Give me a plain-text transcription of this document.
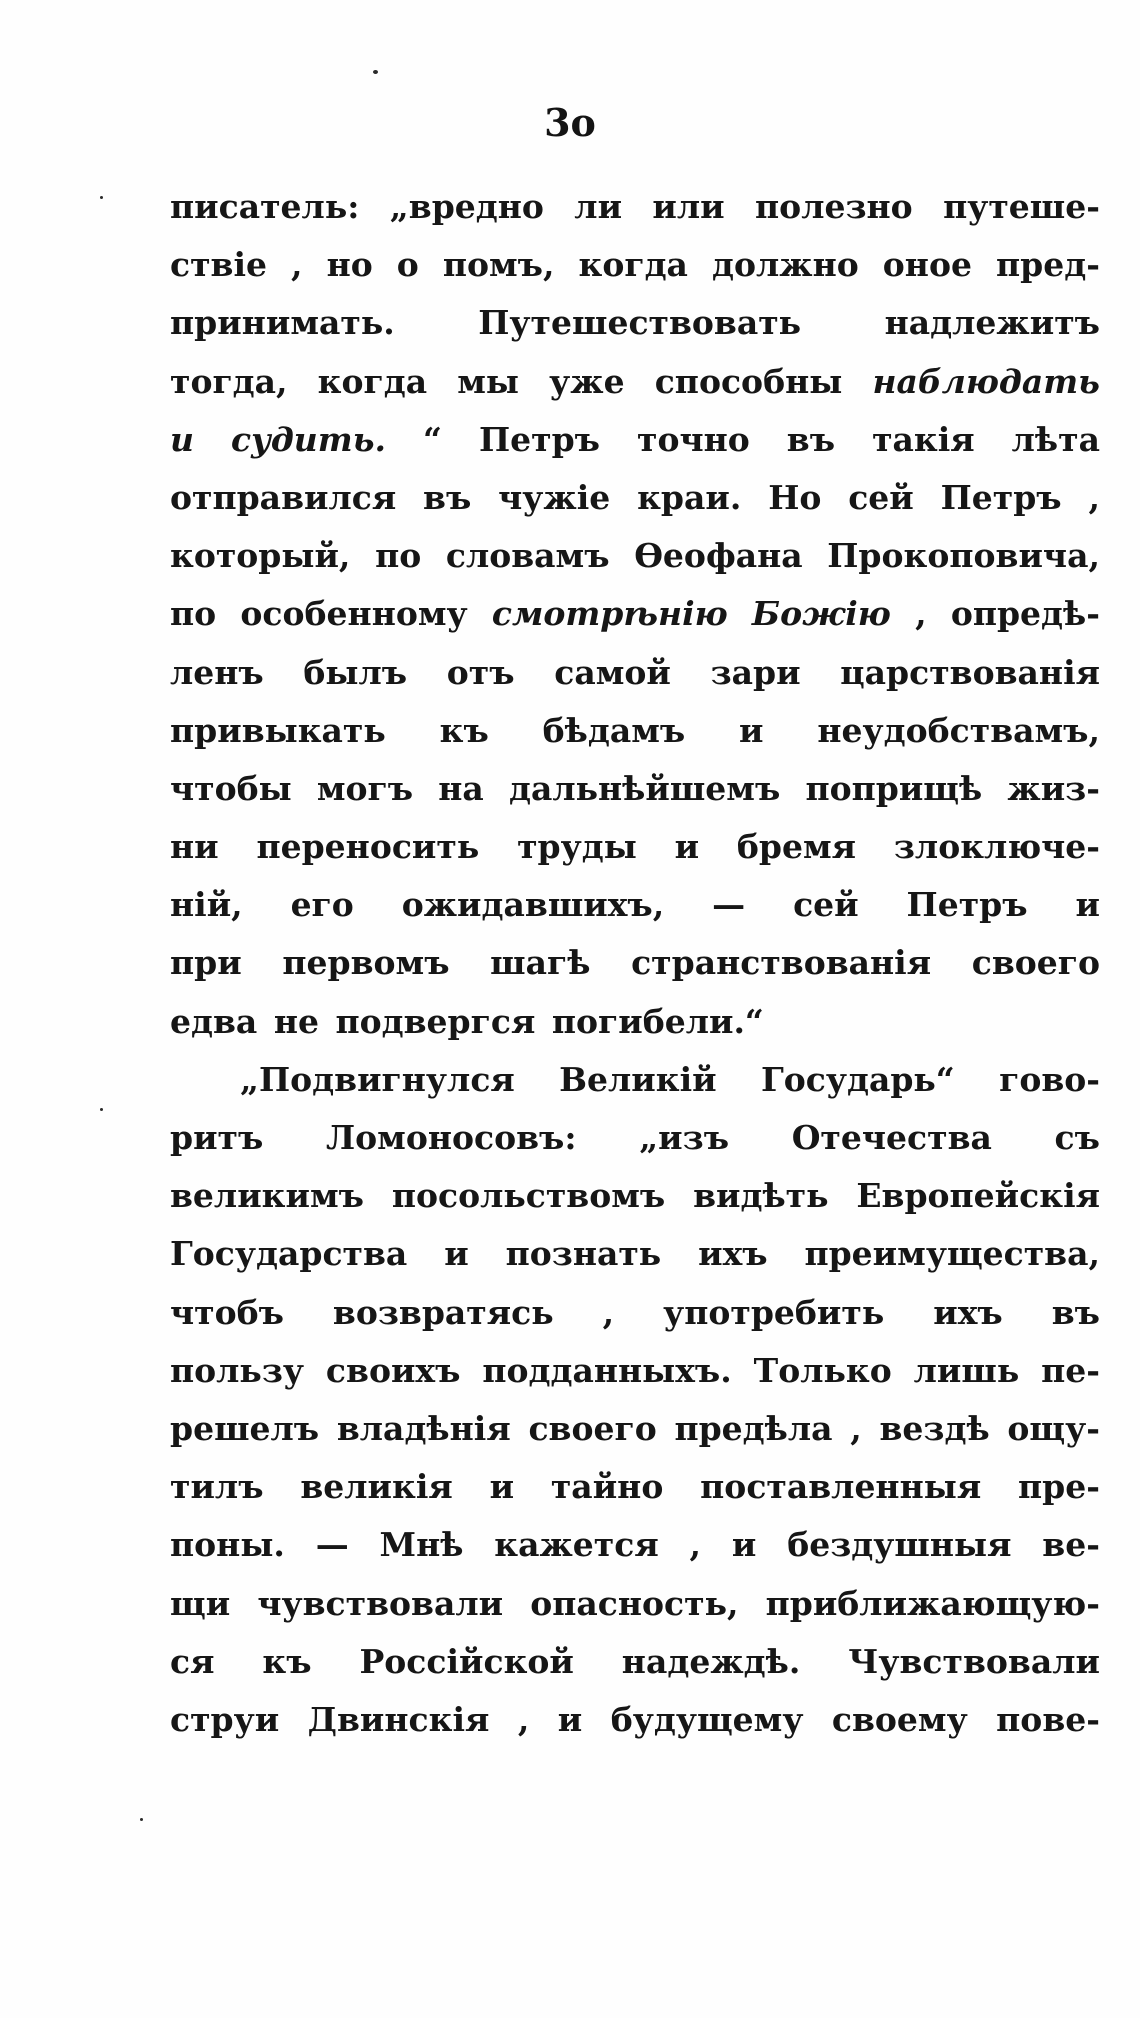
3о
писатель: „вредно ли или полезно путеше-
ствіе , но о помъ, когда должно оное пред-
принимать.	Путешествовать	надлежитъ
тогда, когда мы уже способны наблюдать
и судить. “ Петръ точно въ такія лѣта
отправился въ чужіе краи. Но сей Петръ ,
который, по словамъ Ѳеофана Прокоповича,
по особенному смотрѣнію Божію , опредѣ-
ленъ былъ отъ самой зари царствованія
привыкать къ бѣдамъ и неудобствамъ,
чтобы могъ на дальнѣйшемъ поприщѣ жиз-
ни переносить труды и бремя злоключе-
ній, его ожидавшихъ, — сей Петръ и
при первомъ шагѣ странствованія своего
едва не подвергся погибели.“
„Подвигнулся Великій Государь“ гово-
ритъ Ломоносовъ: „изъ Отечества съ
великимъ посольствомъ видѣть Европейскія
Государства и познать ихъ преимущества,
чтобъ возвратясь , употребить ихъ въ
пользу своихъ подданныхъ. Только лишь пе-
решелъ владѣнія своего предѣла , вездѣ ощу-
тилъ великія и тайно поставленныя пре-
поны. — Мнѣ кажется , и бездушныя ве-
щи чувствовали опасность, приближающую-
ся къ Россійской надеждѣ. Чувствовали
струи Двинскія , и будущему своему пове-
